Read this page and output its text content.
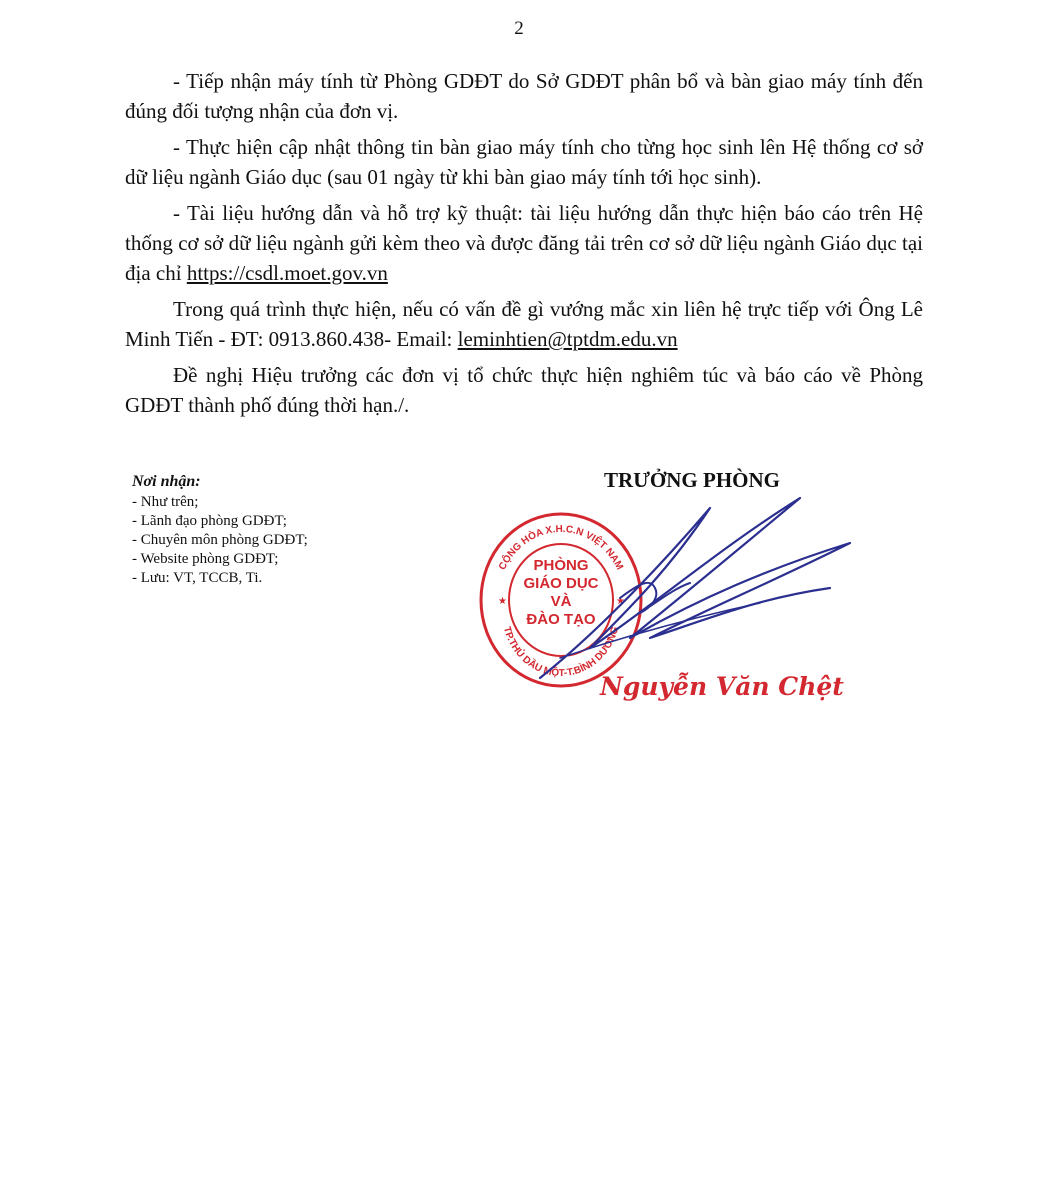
2

- Tiếp nhận máy tính từ Phòng GDĐT do Sở GDĐT phân bổ và bàn giao máy tính đến đúng đối tượng nhận của đơn vị.

- Thực hiện cập nhật thông tin bàn giao máy tính cho từng học sinh lên Hệ thống cơ sở dữ liệu ngành Giáo dục (sau 01 ngày từ khi bàn giao máy tính tới học sinh).

- Tài liệu hướng dẫn và hỗ trợ kỹ thuật: tài liệu hướng dẫn thực hiện báo cáo trên Hệ thống cơ sở dữ liệu ngành gửi kèm theo và được đăng tải trên cơ sở dữ liệu ngành Giáo dục tại địa chỉ https://csdl.moet.gov.vn

Trong quá trình thực hiện, nếu có vấn đề gì vướng mắc xin liên hệ trực tiếp với Ông Lê Minh Tiến - ĐT: 0913.860.438- Email: leminhtien@tptdm.edu.vn

Đề nghị Hiệu trưởng các đơn vị tổ chức thực hiện nghiêm túc và báo cáo về Phòng GDĐT thành phố đúng thời hạn./.

Nơi nhận:
- Như trên;
- Lãnh đạo phòng GDĐT;
- Chuyên môn phòng GDĐT;
- Website phòng GDĐT;
- Lưu: VT, TCCB, Ti.
TRƯỞNG PHÒNG
CỘNG HÒA X.H.C.N VIỆT NAM
TP.THỦ DẦU MỘT-T.BÌNH DƯƠNG
★	★
PHÒNG
GIÁO DỤC
VÀ
ĐÀO TẠO
Nguyễn Văn Chệt
